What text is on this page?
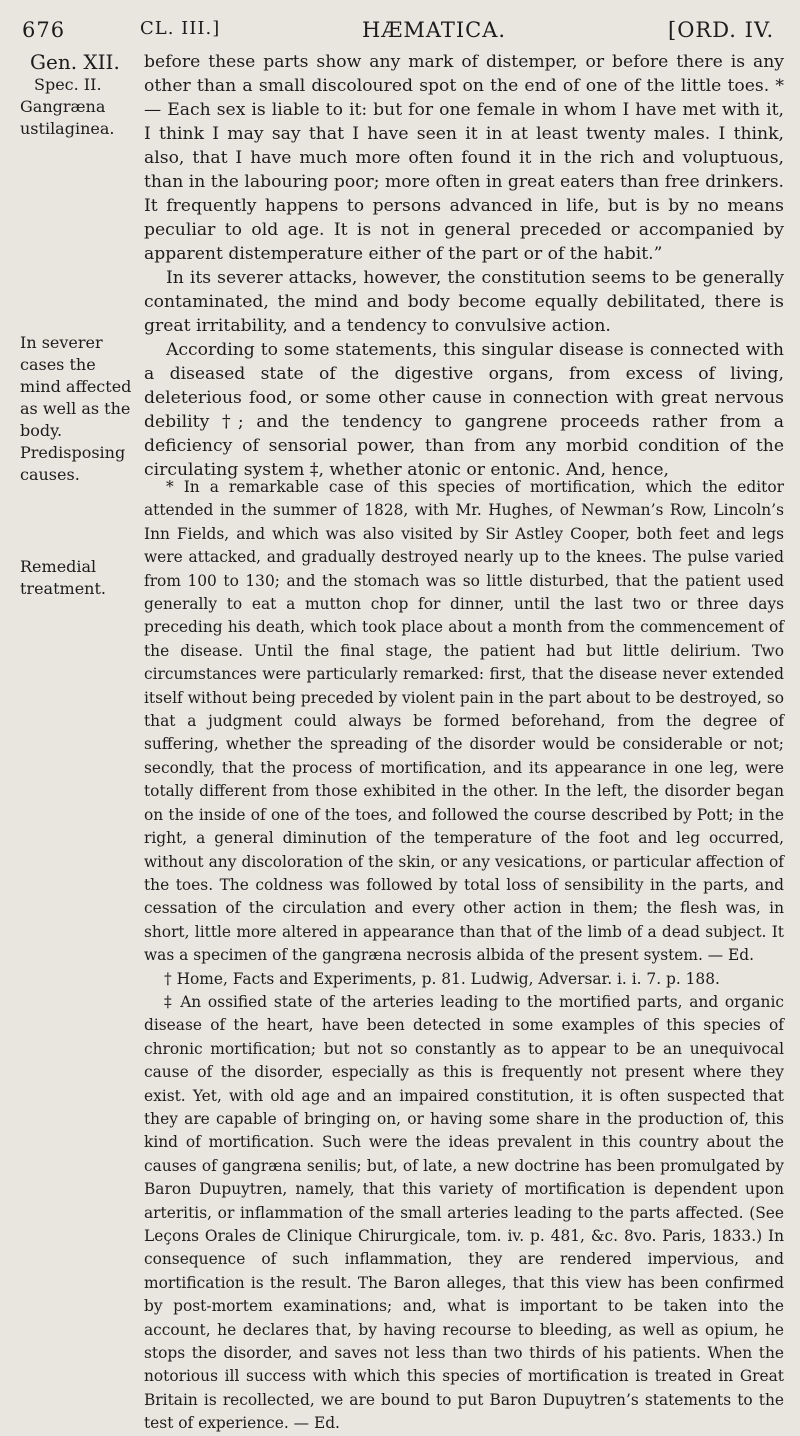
676	CL. III.]	HÆMATICA.	[ORD. IV.

Gen. XII.

Spec. II.

Gangræna

ustilaginea.

In severer cases the mind affected as well as the body.

Predisposing causes.

Remedial treatment.

before these parts show any mark of distemper, or before there is any other than a small discoloured spot on the end of one of the little toes. * — Each sex is liable to it: but for one female in whom I have met with it, I think I may say that I have seen it in at least twenty males. I think, also, that I have much more often found it in the rich and voluptuous, than in the labouring poor; more often in great eaters than free drinkers. It frequently happens to persons advanced in life, but is by no means peculiar to old age. It is not in general preceded or accompanied by apparent distemperature either of the part or of the habit.”

In its severer attacks, however, the constitution seems to be generally contaminated, the mind and body become equally debilitated, there is great irritability, and a tendency to convulsive action.

According to some statements, this singular disease is connected with a diseased state of the digestive organs, from excess of living, deleterious food, or some other cause in connection with great nervous debility †; and the tendency to gangrene proceeds rather from a deficiency of sensorial power, than from any morbid condition of the circulating system ‡, whether atonic or entonic. And, hence,

* In a remarkable case of this species of mortification, which the editor attended in the summer of 1828, with Mr. Hughes, of Newman’s Row, Lincoln’s Inn Fields, and which was also visited by Sir Astley Cooper, both feet and legs were attacked, and gradually destroyed nearly up to the knees. The pulse varied from 100 to 130; and the stomach was so little disturbed, that the patient used generally to eat a mutton chop for dinner, until the last two or three days preceding his death, which took place about a month from the commencement of the disease. Until the final stage, the patient had but little delirium. Two circumstances were particularly remarked: first, that the disease never extended itself without being preceded by violent pain in the part about to be destroyed, so that a judgment could always be formed beforehand, from the degree of suffering, whether the spreading of the disorder would be considerable or not; secondly, that the process of mortification, and its appearance in one leg, were totally different from those exhibited in the other. In the left, the disorder began on the inside of one of the toes, and followed the course described by Pott; in the right, a general diminution of the temperature of the foot and leg occurred, without any discoloration of the skin, or any vesications, or particular affection of the toes. The coldness was followed by total loss of sensibility in the parts, and cessation of the circulation and every other action in them; the flesh was, in short, little more altered in appearance than that of the limb of a dead subject. It was a specimen of the gangræna necrosis albida of the present system. — Ed.

† Home, Facts and Experiments, p. 81. Ludwig, Adversar. i. i. 7. p. 188.

‡ An ossified state of the arteries leading to the mortified parts, and organic disease of the heart, have been detected in some examples of this species of chronic mortification; but not so constantly as to appear to be an unequivocal cause of the disorder, especially as this is frequently not present where they exist. Yet, with old age and an impaired constitution, it is often suspected that they are capable of bringing on, or having some share in the production of, this kind of mortification. Such were the ideas prevalent in this country about the causes of gangræna senilis; but, of late, a new doctrine has been promulgated by Baron Dupuytren, namely, that this variety of mortification is dependent upon arteritis, or inflammation of the small arteries leading to the parts affected. (See Leçons Orales de Clinique Chirurgicale, tom. iv. p. 481, &c. 8vo. Paris, 1833.) In consequence of such inflammation, they are rendered impervious, and mortification is the result. The Baron alleges, that this view has been confirmed by post-mortem examinations; and, what is important to be taken into the account, he declares that, by having recourse to bleeding, as well as opium, he stops the disorder, and saves not less than two thirds of his patients. When the notorious ill success with which this species of mortification is treated in Great Britain is recollected, we are bound to put Baron Dupuytren’s statements to the test of experience. — Ed.
